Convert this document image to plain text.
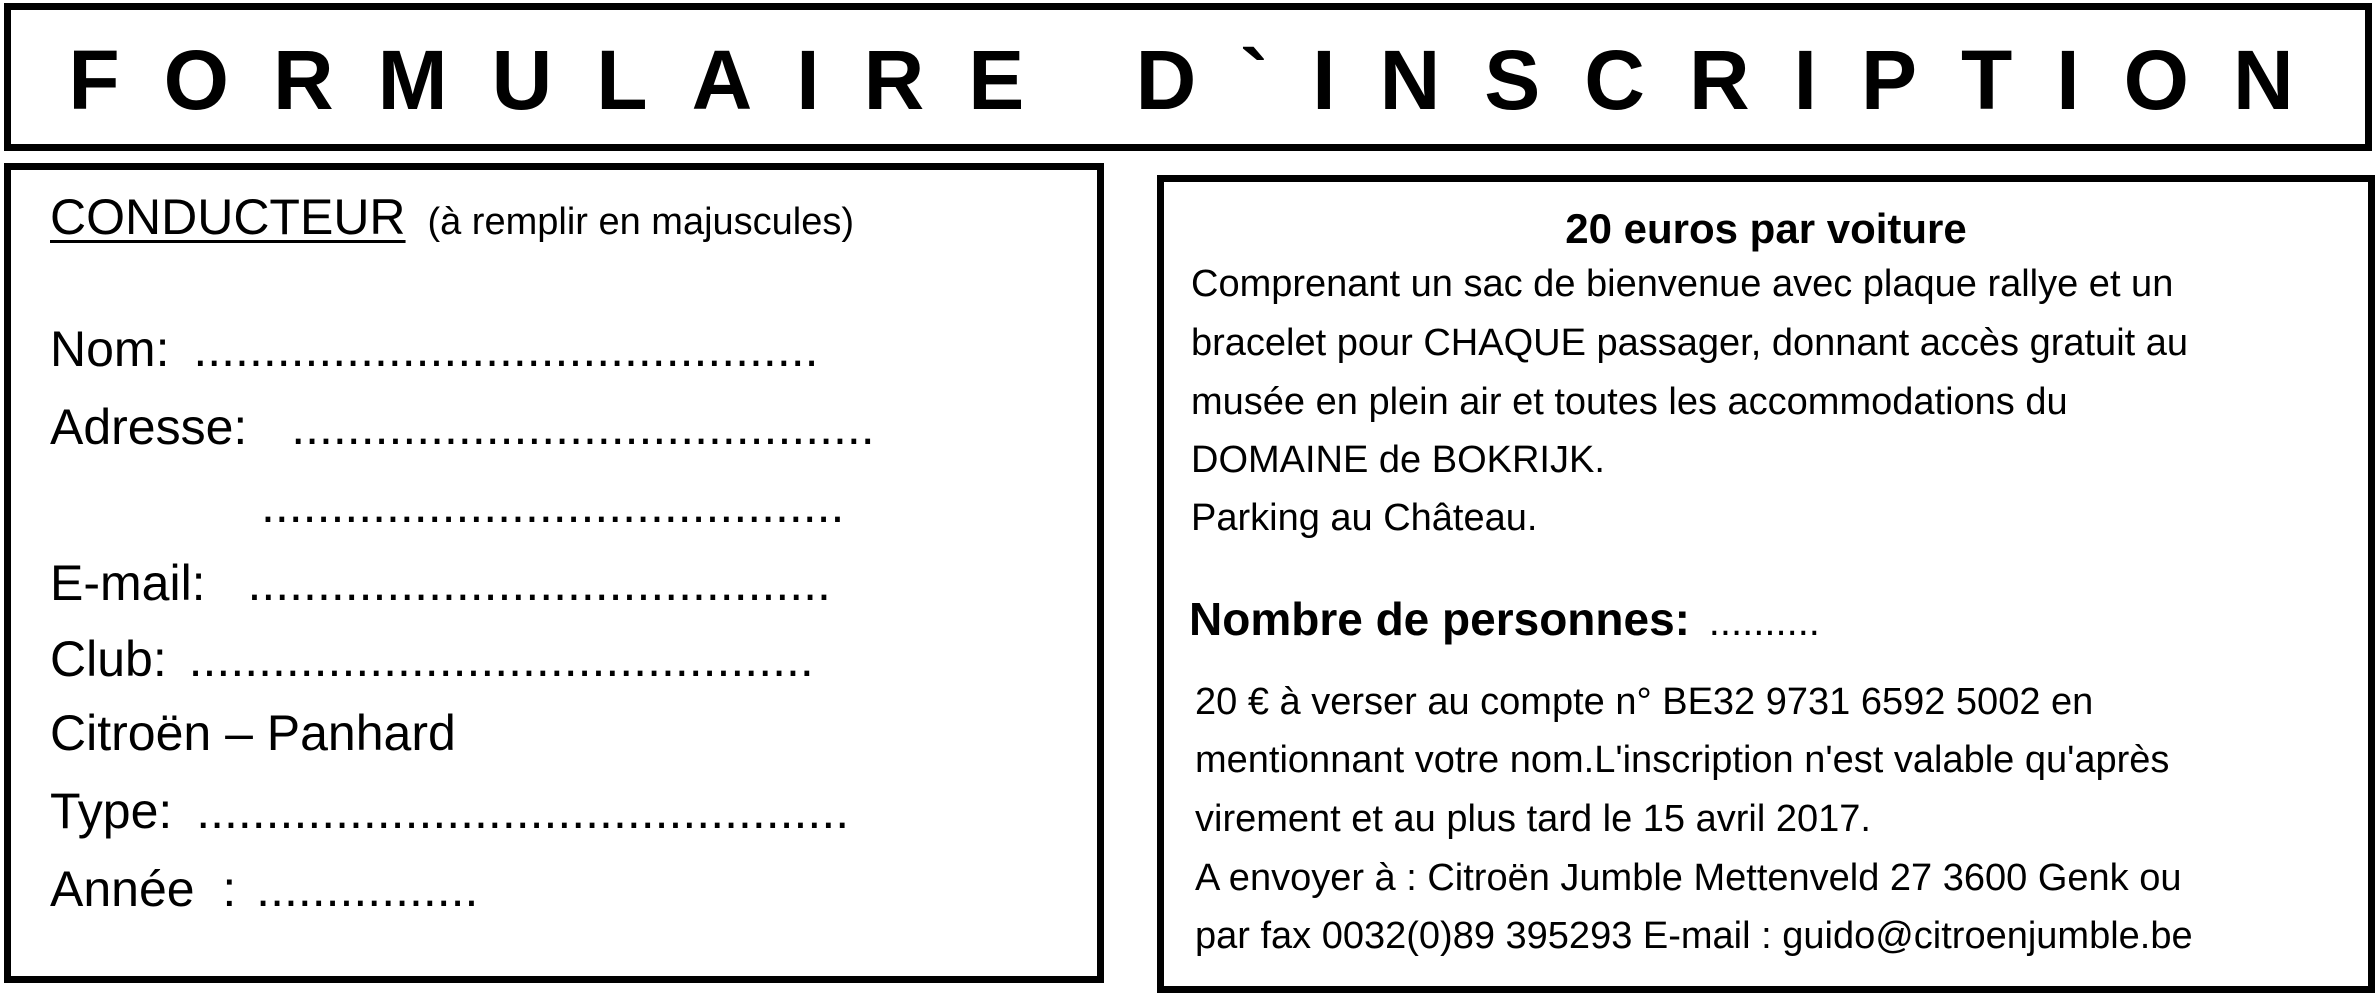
FORMULAIRE D`INSCRIPTION
CONDUCTEUR (à remplir en majuscules)
Nom: .............................................
Adresse: ..........................................
..........................................
E-mail: ..........................................
Club: .............................................
Citroën – Panhard
Type: ...............................................
Année  : ................
20 euros par voiture
Comprenant un sac de bienvenue avec plaque rallye et un
bracelet pour CHAQUE passager, donnant accès gratuit au
musée en plein air et toutes les accommodations du
DOMAINE de BOKRIJK.
Parking au Château.
Nombre de personnes: ..........
20 € à verser au compte n° BE32 9731 6592 5002 en
mentionnant votre nom.L'inscription n'est valable qu'après
virement et au plus tard le 15 avril 2017.
A envoyer à : Citroën Jumble Mettenveld 27 3600 Genk ou
par fax 0032(0)89 395293 E-mail : guido@citroenjumble.be
